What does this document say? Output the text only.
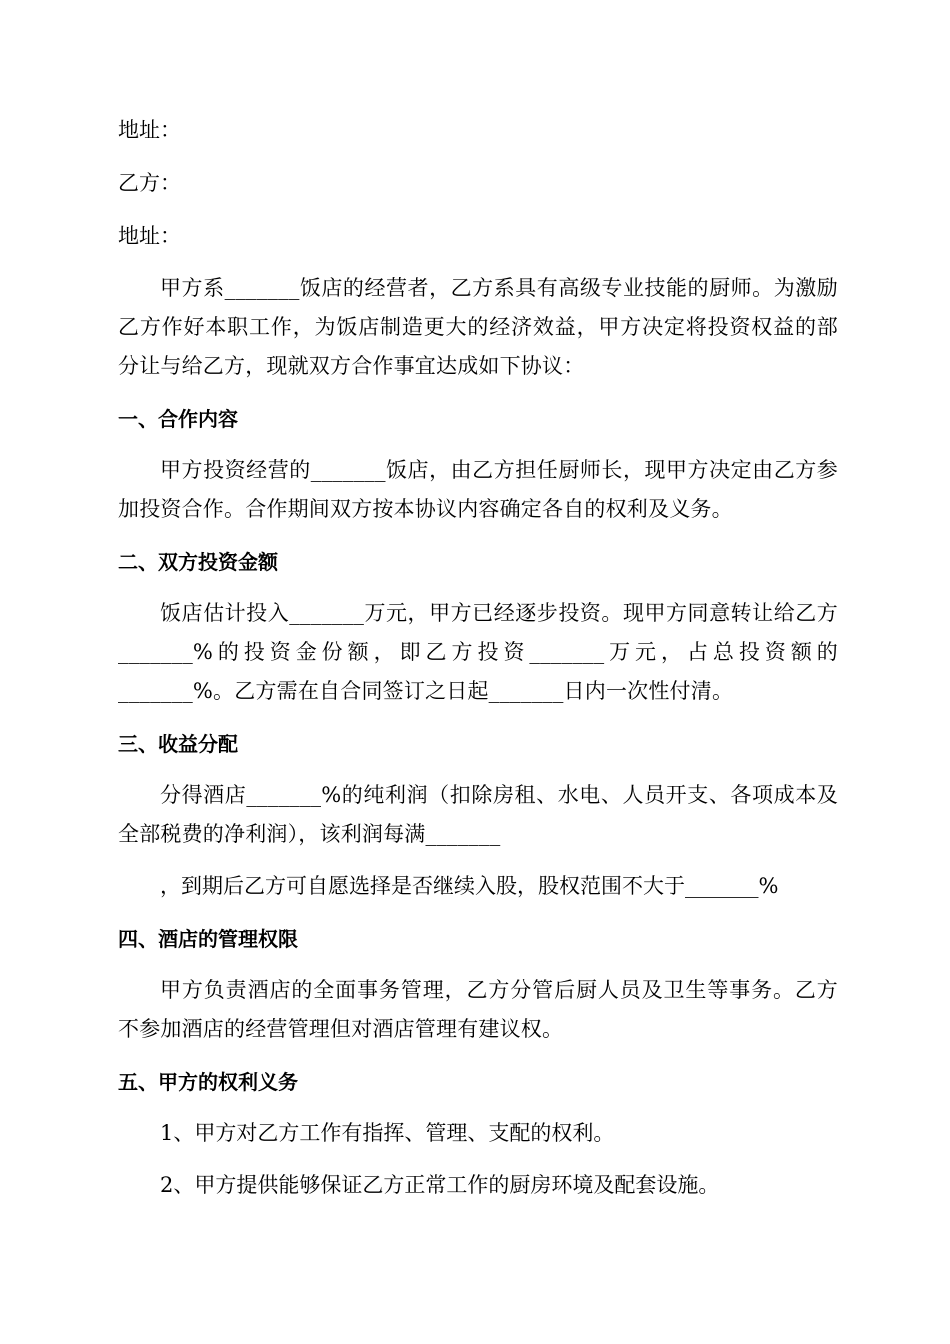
地址：

乙方：

地址：

甲方系_______饭店的经营者，乙方系具有高级专业技能的厨师。为激励乙方作好本职工作，为饭店制造更大的经济效益，甲方决定将投资权益的部分让与给乙方，现就双方合作事宜达成如下协议：

一、合作内容

甲方投资经营的_______饭店，由乙方担任厨师长，现甲方决定由乙方参加投资合作。合作期间双方按本协议内容确定各自的权利及义务。

二、双方投资金额

饭店估计投入_______万元，甲方已经逐步投资。现甲方同意转让给乙方_______%的投资金份额，即乙方投资_______万元，占总投资额的_______%。乙方需在自合同签订之日起_______日内一次性付清。

三、收益分配

分得酒店_______%的纯利润（扣除房租、水电、人员开支、各项成本及全部税费的净利润），该利润每满_______

，到期后乙方可自愿选择是否继续入股，股权范围不大于_______%

四、酒店的管理权限

甲方负责酒店的全面事务管理，乙方分管后厨人员及卫生等事务。乙方不参加酒店的经营管理但对酒店管理有建议权。

五、甲方的权利义务

1、甲方对乙方工作有指挥、管理、支配的权利。

2、甲方提供能够保证乙方正常工作的厨房环境及配套设施。
